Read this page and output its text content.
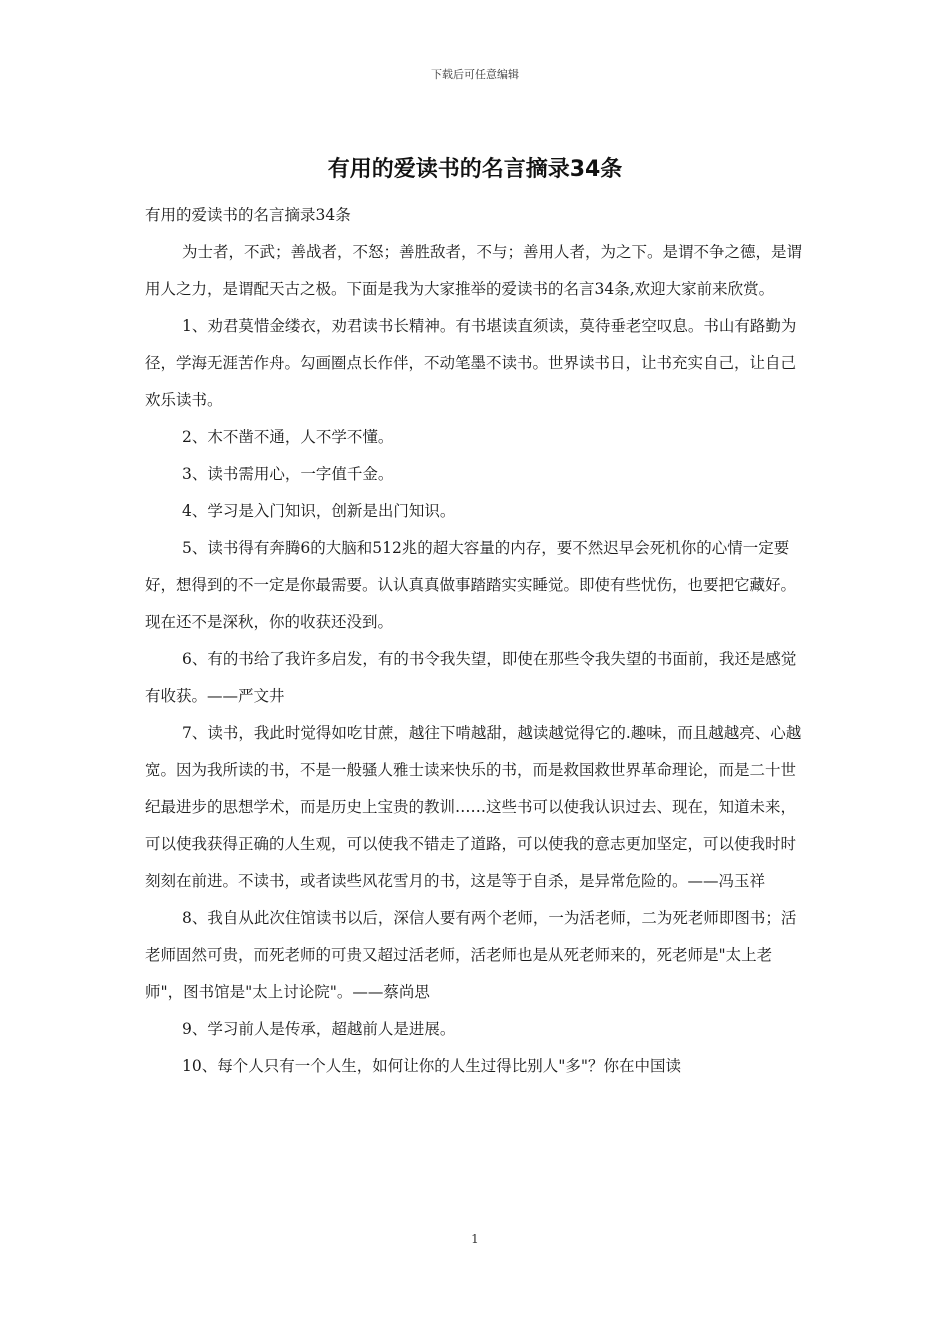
下载后可任意编辑
有用的爱读书的名言摘录34条

有用的爱读书的名言摘录34条

为士者，不武；善战者，不怒；善胜敌者，不与；善用人者，为之下。是谓不争之德，是谓用人之力，是谓配天古之极。下面是我为大家推举的爱读书的名言34条,欢迎大家前来欣赏。

1、劝君莫惜金缕衣，劝君读书长精神。有书堪读直须读，莫待垂老空叹息。书山有路勤为径，学海无涯苦作舟。勾画圈点长作伴，不动笔墨不读书。世界读书日，让书充实自己，让自己欢乐读书。

2、木不凿不通，人不学不懂。

3、读书需用心，一字值千金。

4、学习是入门知识，创新是出门知识。

5、读书得有奔腾6的大脑和512兆的超大容量的内存，要不然迟早会死机你的心情一定要好，想得到的不一定是你最需要。认认真真做事踏踏实实睡觉。即使有些忧伤，也要把它藏好。现在还不是深秋，你的收获还没到。

6、有的书给了我许多启发，有的书令我失望，即使在那些令我失望的书面前，我还是感觉有收获。——严文井

7、读书，我此时觉得如吃甘蔗，越往下啃越甜，越读越觉得它的.趣味，而且越越亮、心越宽。因为我所读的书，不是一般骚人雅士读来快乐的书，而是救国救世界革命理论，而是二十世纪最进步的思想学术，而是历史上宝贵的教训……这些书可以使我认识过去、现在，知道未来，可以使我获得正确的人生观，可以使我不错走了道路，可以使我的意志更加坚定，可以使我时时刻刻在前进。不读书，或者读些风花雪月的书，这是等于自杀，是异常危险的。——冯玉祥

8、我自从此次住馆读书以后，深信人要有两个老师，一为活老师，二为死老师即图书；活老师固然可贵，而死老师的可贵又超过活老师，活老师也是从死老师来的，死老师是"太上老师"，图书馆是"太上讨论院"。——蔡尚思

9、学习前人是传承，超越前人是进展。

10、每个人只有一个人生，如何让你的人生过得比别人"多"？你在中国读

1
